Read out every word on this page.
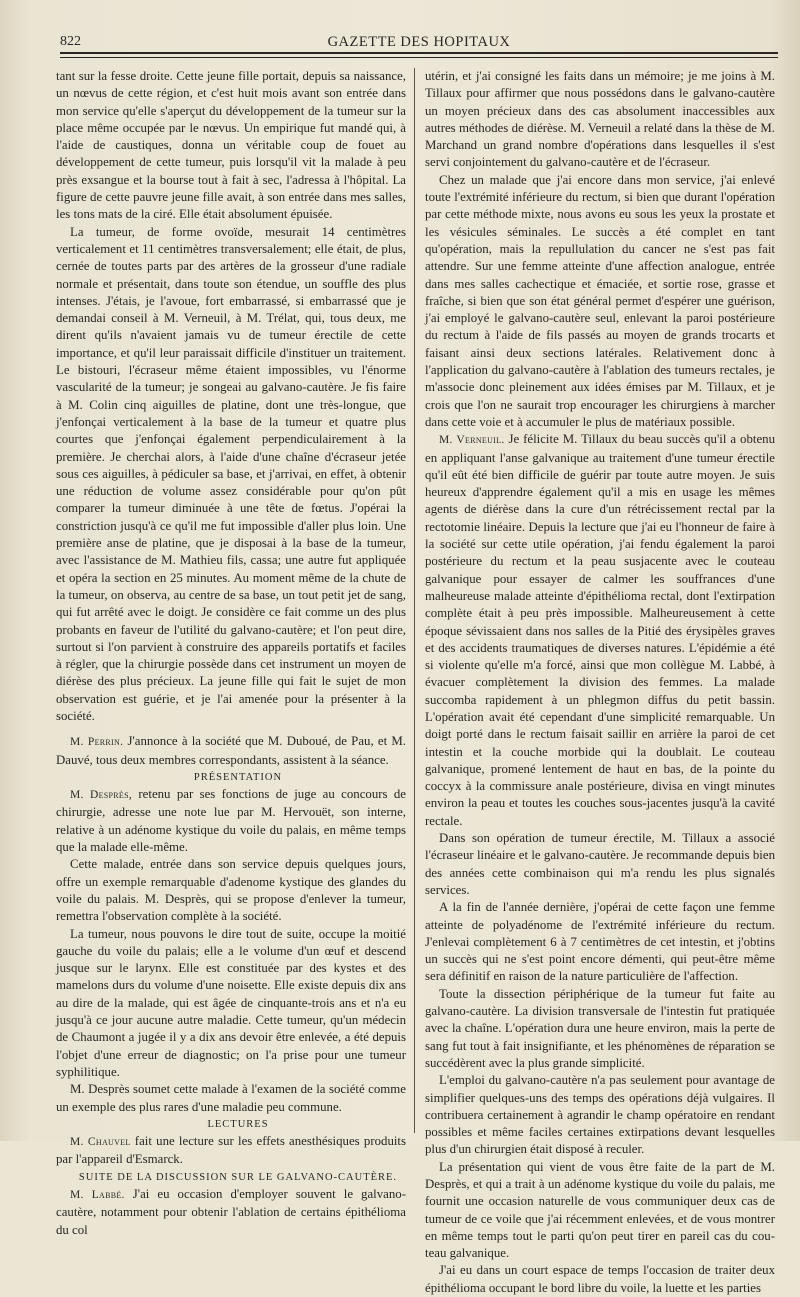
822	GAZETTE DES HOPITAUX

tant sur la fesse droite. Cette jeune fille portait, depuis sa naissance, un nœvus de cette région, et c'est huit mois avant son entrée dans mon service qu'elle s'aperçut du développement de la tumeur sur la place même occupée par le nœvus. Un empirique fut mandé qui, à l'aide de caustiques, donna un véritable coup de fouet au développement de cette tumeur, puis lorsqu'il vit la malade à peu près exsangue et la bourse tout à fait à sec, l'adressa à l'hôpital. La figure de cette pauvre jeune fille avait, à son entrée dans mes salles, les tons mats de la ciré. Elle était absolument épuisée.

La tumeur, de forme ovoïde, mesurait 14 centimètres verticalement et 11 centimètres transversalement; elle était, de plus, cernée de toutes parts par des artères de la grosseur d'une radiale normale et présentait, dans toute son étendue, un souffle des plus intenses. J'étais, je l'avoue, fort embarrassé, si embarrassé que je demandai conseil à M. Verneuil, à M. Trélat, qui, tous deux, me dirent qu'ils n'avaient jamais vu de tumeur érectile de cette importance, et qu'il leur paraissait difficile d'instituer un traitement. Le bistouri, l'écraseur même étaient impossibles, vu l'énorme vascularité de la tumeur; je songeai au galvano-cautère. Je fis faire à M. Colin cinq aiguilles de platine, dont une très-longue, que j'enfonçai verticalement à la base de la tumeur et quatre plus courtes que j'enfonçai également perpendiculairement à la première. Je cherchai alors, à l'aide d'une chaîne d'écraseur jetée sous ces aiguilles, à pédiculer sa base, et j'arrivai, en effet, à obtenir une réduction de volume assez considérable pour qu'on pût comparer la tumeur diminuée à une tête de fœtus. J'opérai la constriction jusqu'à ce qu'il me fut impossible d'aller plus loin. Une première anse de platine, que je disposai à la base de la tumeur, avec l'assistance de M. Mathieu fils, cassa; une autre fut appliquée et opéra la section en 25 minutes. Au moment même de la chute de la tumeur, on observa, au centre de sa base, un tout petit jet de sang, qui fut arrêté avec le doigt. Je considère ce fait comme un des plus probants en faveur de l'utilité du galvano-cautère; et l'on peut dire, surtout si l'on parvient à construire des appareils portatifs et faciles à régler, que la chirurgie possède dans cet instrument un moyen de diérèse des plus précieux. La jeune fille qui fait le sujet de mon observation est guérie, et je l'ai amenée pour la présenter à la société.

M. Perrin. J'annonce à la société que M. Duboué, de Pau, et M. Dauvé, tous deux membres correspondants, assistent à la séance.

PRÉSENTATION

M. Desprès, retenu par ses fonctions de juge au concours de chirurgie, adresse une note lue par M. Hervouët, son interne, relative à un adénome kystique du voile du palais, en même temps que la malade elle-même.

Cette malade, entrée dans son service depuis quelques jours, offre un exemple remarquable d'adenome kystique des glandes du voile du palais. M. Desprès, qui se propose d'enlever la tumeur, remettra l'observation complète à la société.

La tumeur, nous pouvons le dire tout de suite, occupe la moitié gauche du voile du palais; elle a le volume d'un œuf et descend jusque sur le larynx. Elle est constituée par des kystes et des mamelons durs du volume d'une noisette. Elle existe depuis dix ans au dire de la malade, qui est âgée de cinquante-trois ans et n'a eu jusqu'à ce jour aucune autre maladie. Cette tumeur, qu'un médecin de Chaumont a jugée il y a dix ans devoir être enlevée, a été depuis l'objet d'une erreur de diagnostic; on l'a prise pour une tumeur syphilitique.

M. Desprès soumet cette malade à l'examen de la société comme un exemple des plus rares d'une maladie peu commune.

LECTURES

M. Chauvel fait une lecture sur les effets anesthésiques produits par l'appareil d'Esmarck.

SUITE DE LA DISCUSSION SUR LE GALVANO-CAUTÈRE.

M. Labbé. J'ai eu occasion d'employer souvent le galvano-cautère, notamment pour obtenir l'ablation de certains épithélioma du col

utérin, et j'ai consigné les faits dans un mémoire; je me joins à M. Tillaux pour affirmer que nous possédons dans le galvano-cautère un moyen précieux dans des cas absolument inaccessibles aux autres méthodes de diérèse. M. Verneuil a relaté dans la thèse de M. Marchand un grand nombre d'opérations dans lesquelles il s'est servi conjointement du galvano-cautère et de l'écraseur.

Chez un malade que j'ai encore dans mon service, j'ai enlevé toute l'extrémité inférieure du rectum, si bien que durant l'opération par cette méthode mixte, nous avons eu sous les yeux la prostate et les vésicules séminales. Le succès a été complet en tant qu'opération, mais la repullulation du cancer ne s'est pas fait attendre. Sur une femme atteinte d'une affection analogue, entrée dans mes salles cachectique et émaciée, et sortie rose, grasse et fraîche, si bien que son état général permet d'espérer une guérison, j'ai employé le galvano-cautère seul, enlevant la paroi postérieure du rectum à l'aide de fils passés au moyen de grands trocarts et faisant ainsi deux sections latérales. Relativement donc à l'application du galvano-cautère à l'ablation des tumeurs rectales, je m'associe donc pleinement aux idées émises par M. Tillaux, et je crois que l'on ne saurait trop encourager les chirurgiens à marcher dans cette voie et à accumuler le plus de matériaux possible.

M. Verneuil. Je félicite M. Tillaux du beau succès qu'il a obtenu en appliquant l'anse galvanique au traitement d'une tumeur érectile qu'il eût été bien difficile de guérir par toute autre moyen. Je suis heureux d'apprendre également qu'il a mis en usage les mêmes agents de diérèse dans la cure d'un rétrécissement rectal par la rectotomie linéaire. Depuis la lecture que j'ai eu l'honneur de faire à la société sur cette utile opération, j'ai fendu également la paroi postérieure du rectum et la peau susjacente avec le couteau galvanique pour essayer de calmer les souffrances d'une malheureuse malade atteinte d'épithélioma rectal, dont l'extirpation complète était à peu près impossible. Malheureusement à cette époque sévissaient dans nos salles de la Pitié des érysipèles graves et des accidents traumatiques de diverses natures. L'épidémie a été si violente qu'elle m'a forcé, ainsi que mon collègue M. Labbé, à évacuer complètement la division des femmes. La malade succomba rapidement à un phlegmon diffus du petit bassin. L'opération avait été cependant d'une simplicité remarquable. Un doigt porté dans le rectum faisait saillir en arrière la paroi de cet intestin et la couche morbide qui la doublait. Le couteau galvanique, promené lentement de haut en bas, de la pointe du coccyx à la commissure anale postérieure, divisa en vingt minutes environ la peau et toutes les couches sous-jacentes jusqu'à la cavité rectale.

Dans son opération de tumeur érectile, M. Tillaux a associé l'écraseur linéaire et le galvano-cautère. Je recommande depuis bien des années cette combinaison qui m'a rendu les plus signalés services.

A la fin de l'année dernière, j'opérai de cette façon une femme atteinte de polyadénome de l'extrémité inférieure du rectum. J'enlevai complètement 6 à 7 centimètres de cet intestin, et j'obtins un succès qui ne s'est point encore démenti, qui peut-être même sera définitif en raison de la nature particulière de l'affection.

Toute la dissection périphérique de la tumeur fut faite au galvano-cautère. La division transversale de l'intestin fut pratiquée avec la chaîne. L'opération dura une heure environ, mais la perte de sang fut tout à fait insignifiante, et les phénomènes de réparation se succédèrent avec la plus grande simplicité.

L'emploi du galvano-cautère n'a pas seulement pour avantage de simplifier quelques-uns des temps des opérations déjà vulgaires. Il contribuera certainement à agrandir le champ opératoire en rendant possibles et même faciles certaines extirpations devant lesquelles plus d'un chirurgien était disposé à reculer.

La présentation qui vient de vous être faite de la part de M. Desprès, et qui a trait à un adénome kystique du voile du palais, me fournit une occasion naturelle de vous communiquer deux cas de tumeur de ce voile que j'ai récemment enlevées, et de vous montrer en même temps tout le parti qu'on peut tirer en pareil cas du cou-teau galvanique.

J'ai eu dans un court espace de temps l'occasion de traiter deux épithélioma occupant le bord libre du voile, la luette et les parties
